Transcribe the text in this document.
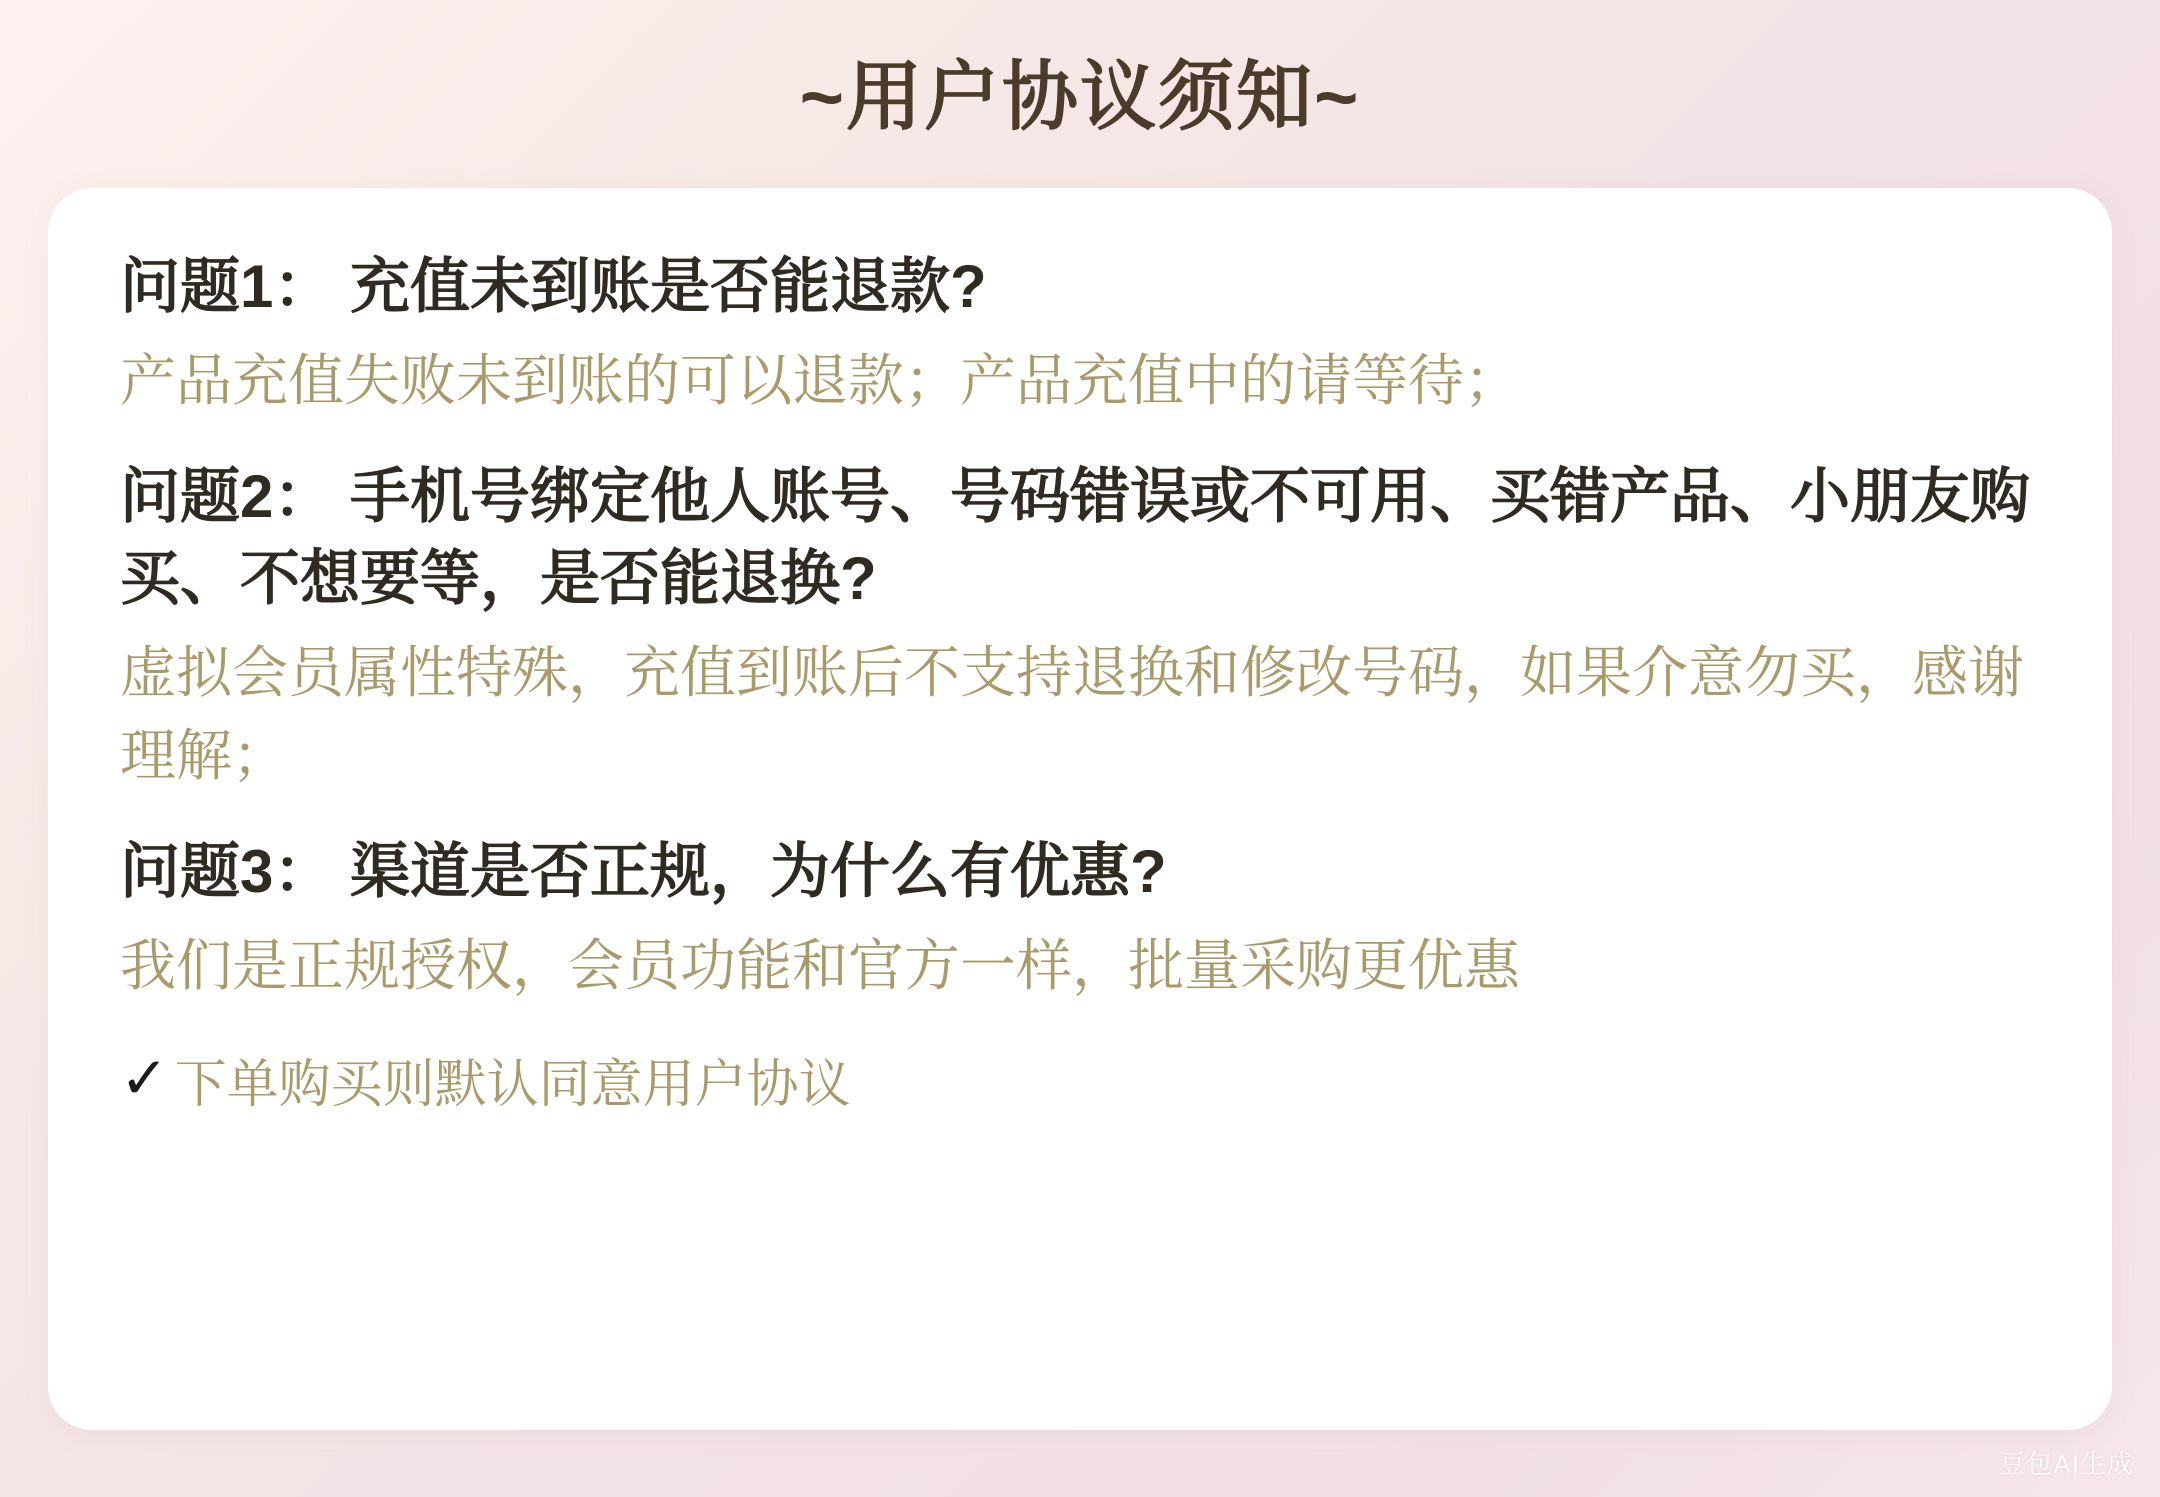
~用户协议须知~
问题1： 充值未到账是否能退款?
产品充值失败未到账的可以退款；产品充值中的请等待；
问题2： 手机号绑定他人账号、号码错误或不可用、买错产品、小朋友购买、不想要等，是否能退换?
虚拟会员属性特殊，充值到账后不支持退换和修改号码，如果介意勿买，感谢理解；
问题3： 渠道是否正规，为什么有优惠?
我们是正规授权，会员功能和官方一样，批量采购更优惠
✓ 下单购买则默认同意用户协议
豆包AI生成
